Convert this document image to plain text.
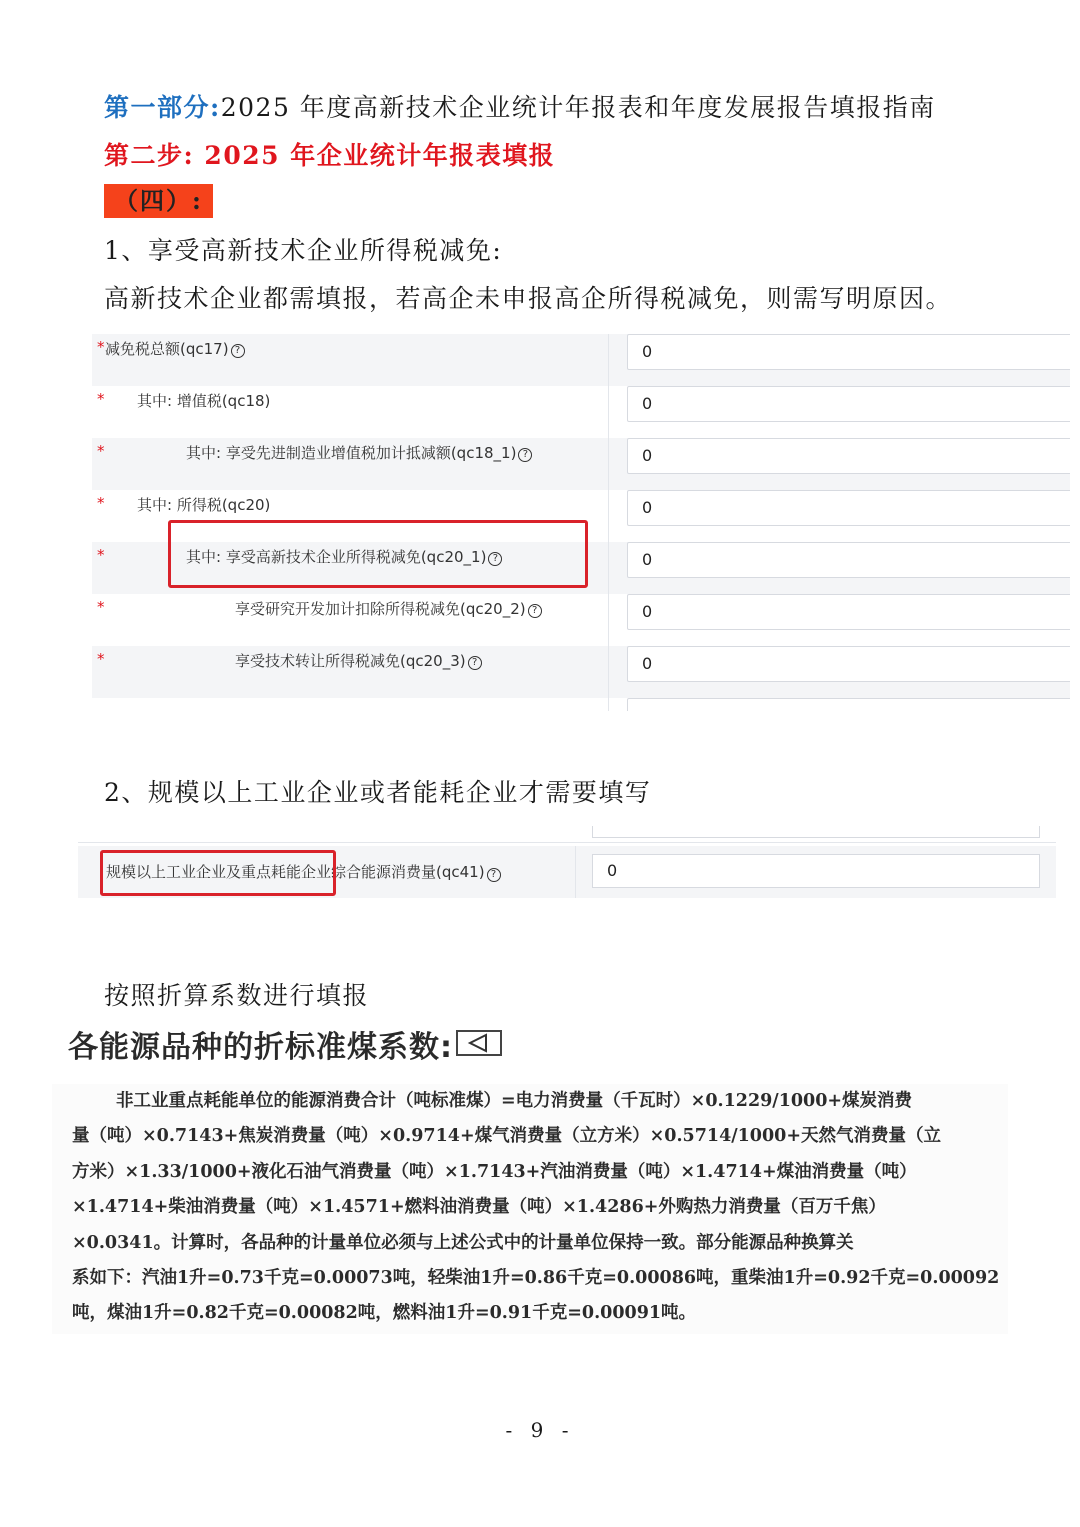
第一部分:2025 年度高新技术企业统计年报表和年度发展报告填报指南
第二步: 2025 年企业统计年报表填报
（四）:
1、享受高新技术企业所得税减免:
高新技术企业都需填报，若高企未申报高企所得税减免，则需写明原因。
* 减免税总额(qc17) ?	0
* 其中: 增值税(qc18)	0
*	其中: 享受先进制造业增值税加计抵减额(qc18_1) ?	0
* 其中: 所得税(qc20)	0
*	其中: 享受高新技术企业所得税减免(qc20_1) ?	0
*	享受研究开发加计扣除所得税减免(qc20_2) ?	0
*	享受技术转让所得税减免(qc20_3) ?	0
2、规模以上工业企业或者能耗企业才需要填写
规模以上工业企业及重点耗能企业综合能源消费量(qc41) ?	0
按照折算系数进行填报
各能源品种的折标准煤系数:
非工业重点耗能单位的能源消费合计（吨标准煤）=电力消费量（千瓦时）×0.1229/1000+煤炭消费
量（吨）×0.7143+焦炭消费量（吨）×0.9714+煤气消费量（立方米）×0.5714/1000+天然气消费量（立
方米）×1.33/1000+液化石油气消费量（吨）×1.7143+汽油消费量（吨）×1.4714+煤油消费量（吨）
×1.4714+柴油消费量（吨）×1.4571+燃料油消费量（吨）×1.4286+外购热力消费量（百万千焦）
×0.0341。计算时，各品种的计量单位必须与上述公式中的计量单位保持一致。部分能源品种换算关
系如下：汽油1升=0.73千克=0.00073吨，轻柴油1升=0.86千克=0.00086吨，重柴油1升=0.92千克=0.00092
吨，煤油1升=0.82千克=0.00082吨，燃料油1升=0.91千克=0.00091吨。
- 9 -
